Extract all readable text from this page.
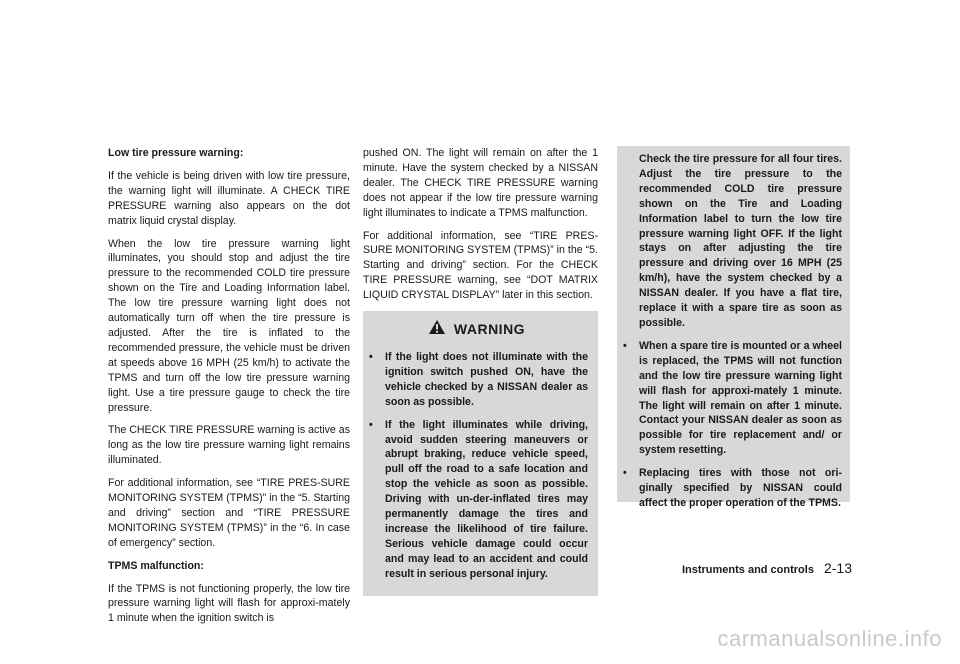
Low tire pressure warning:

If the vehicle is being driven with low tire pressure, the warning light will illuminate. A CHECK TIRE PRESSURE warning also appears on the dot matrix liquid crystal display.

When the low tire pressure warning light illuminates, you should stop and adjust the tire pressure to the recommended COLD tire pressure shown on the Tire and Loading Information label. The low tire pressure warning light does not automatically turn off when the tire pressure is adjusted. After the tire is inflated to the recommended pressure, the vehicle must be driven at speeds above 16 MPH (25 km/h) to activate the TPMS and turn off the low tire pressure warning light. Use a tire pressure gauge to check the tire pressure.

The CHECK TIRE PRESSURE warning is active as long as the low tire pressure warning light remains illuminated.

For additional information, see “TIRE PRES-SURE MONITORING SYSTEM (TPMS)” in the “5. Starting and driving” section and “TIRE PRESSURE MONITORING SYSTEM (TPMS)” in the “6. In case of emergency” section.

TPMS malfunction:

If the TPMS is not functioning properly, the low tire pressure warning light will flash for approxi-mately 1 minute when the ignition switch is

pushed ON. The light will remain on after the 1 minute. Have the system checked by a NISSAN dealer. The CHECK TIRE PRESSURE warning does not appear if the low tire pressure warning light illuminates to indicate a TPMS malfunction.

For additional information, see “TIRE PRES-SURE MONITORING SYSTEM (TPMS)” in the “5. Starting and driving” section. For the CHECK TIRE PRESSURE warning, see “DOT MATRIX LIQUID CRYSTAL DISPLAY” later in this section.

WARNING
•	If the light does not illuminate with the ignition switch pushed ON, have the vehicle checked by a NISSAN dealer as soon as possible.
•	If the light illuminates while driving, avoid sudden steering maneuvers or abrupt braking, reduce vehicle speed, pull off the road to a safe location and stop the vehicle as soon as possible. Driving with un-der-inflated tires may permanently damage the tires and increase the likelihood of tire failure. Serious vehicle damage could occur and may lead to an accident and could result in serious personal injury.
Check the tire pressure for all four tires. Adjust the tire pressure to the recommended COLD tire pressure shown on the Tire and Loading Information label to turn the low tire pressure warning light OFF. If the light stays on after adjusting the tire pressure and driving over 16 MPH (25 km/h), have the system checked by a NISSAN dealer. If you have a flat tire, replace it with a spare tire as soon as possible.
•	When a spare tire is mounted or a wheel is replaced, the TPMS will not function and the low tire pressure warning light will flash for approxi-mately 1 minute. The light will remain on after 1 minute. Contact your NISSAN dealer as soon as possible for tire replacement and/ or system resetting.
•	Replacing tires with those not ori-ginally specified by NISSAN could affect the proper operation of the TPMS.
Instruments and controls 2-13
carmanualsonline.info
